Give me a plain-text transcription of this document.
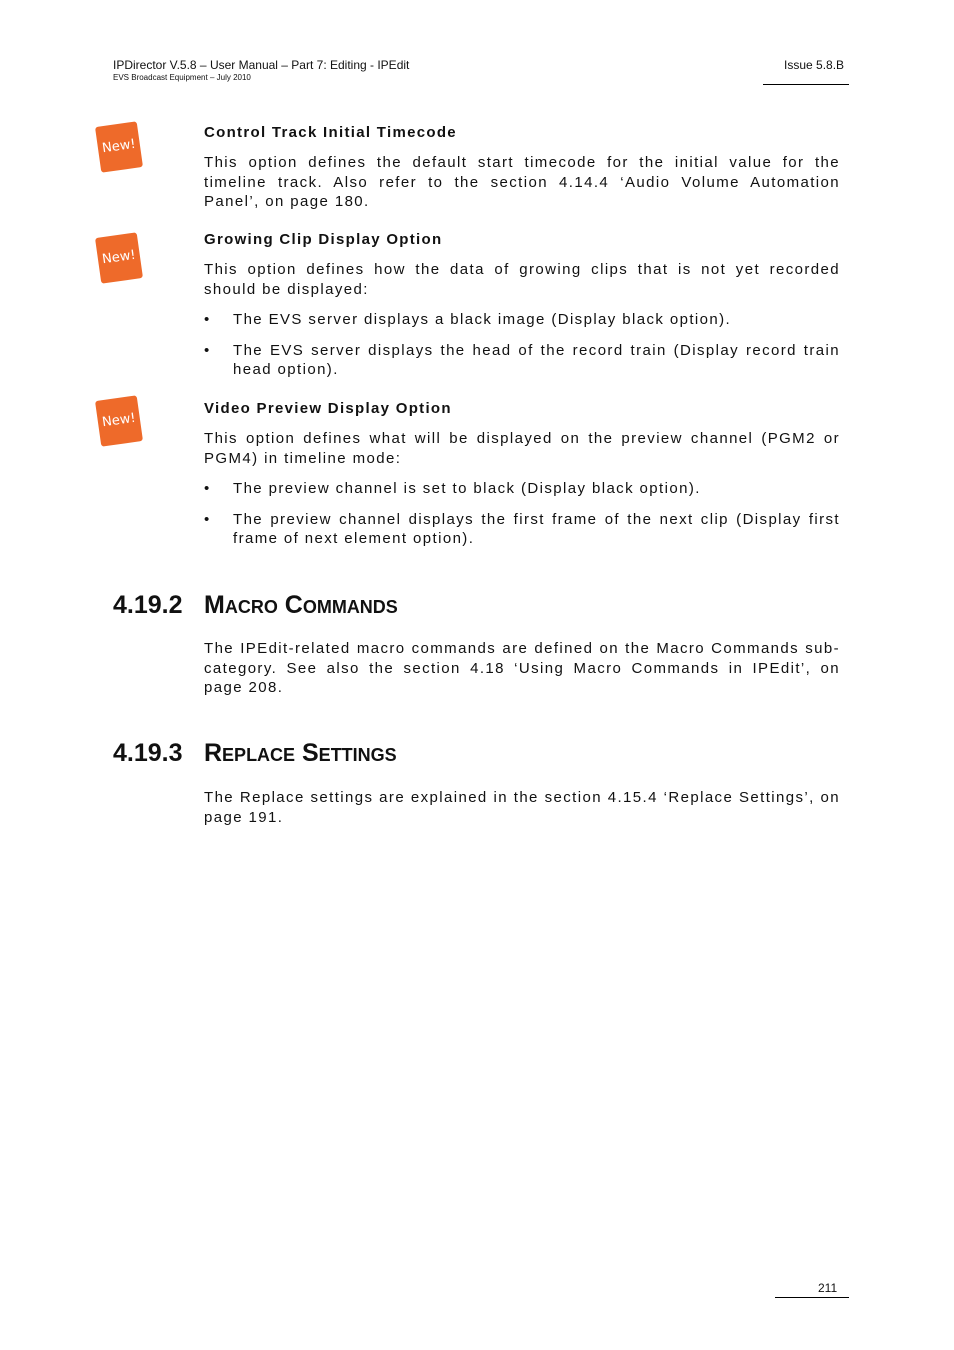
IPDirector V.5.8 – User Manual – Part 7: Editing - IPEdit
EVS Broadcast Equipment – July 2010
Issue 5.8.B
New!
Control Track Initial Timecode

This option defines the default start timecode for the initial value for the timeline track. Also refer to the section 4.14.4 ‘Audio Volume Automation Panel’, on page 180.

New!
Growing Clip Display Option

This option defines how the data of growing clips that is not yet recorded should be displayed:

• The EVS server displays a black image (Display black option).
• The EVS server displays the head of the record train (Display record train head option).
New!
Video Preview Display Option

This option defines what will be displayed on the preview channel (PGM2 or PGM4) in timeline mode:

• The preview channel is set to black (Display black option).
• The preview channel displays the first frame of the next clip (Display first frame of next element option).
4.19.2 Macro Commands

The IPEdit-related macro commands are defined on the Macro Commands sub-category. See also the section 4.18 ‘Using Macro Commands in IPEdit’, on page 208.

4.19.3 Replace Settings

The Replace settings are explained in the section 4.15.4 ‘Replace Settings’, on page 191.

211
